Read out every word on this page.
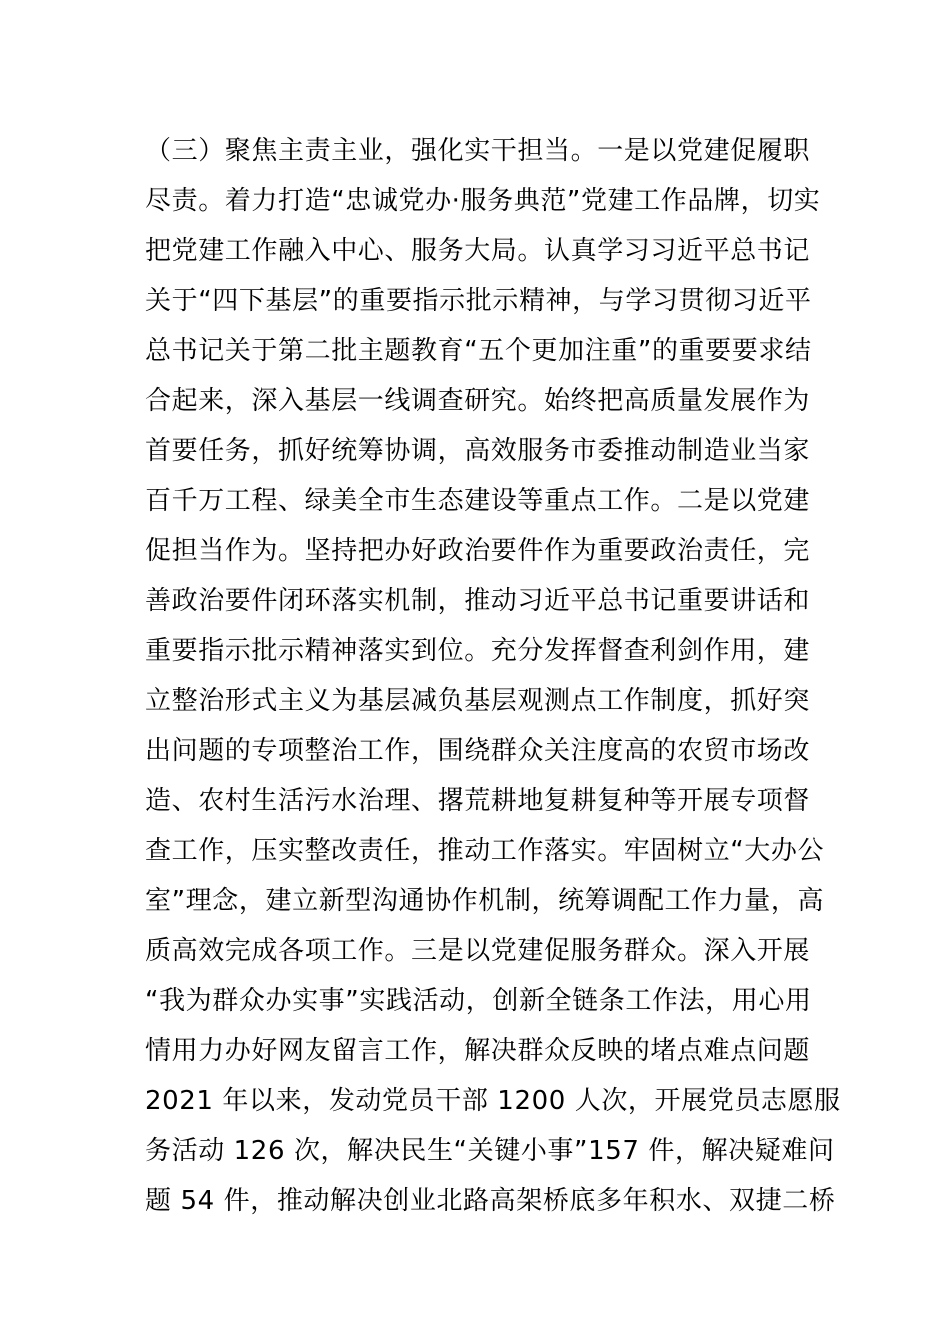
（三）聚焦主责主业，强化实干担当。一是以党建促履职
尽责。着力打造“忠诚党办·服务典范”党建工作品牌，切实
把党建工作融入中心、服务大局。认真学习习近平总书记
关于“四下基层”的重要指示批示精神，与学习贯彻习近平
总书记关于第二批主题教育“五个更加注重”的重要要求结
合起来，深入基层一线调查研究。始终把高质量发展作为
首要任务，抓好统筹协调，高效服务市委推动制造业当家
百千万工程、绿美全市生态建设等重点工作。二是以党建
促担当作为。坚持把办好政治要件作为重要政治责任，完
善政治要件闭环落实机制，推动习近平总书记重要讲话和
重要指示批示精神落实到位。充分发挥督查利剑作用，建
立整治形式主义为基层减负基层观测点工作制度，抓好突
出问题的专项整治工作，围绕群众关注度高的农贸市场改
造、农村生活污水治理、撂荒耕地复耕复种等开展专项督
查工作，压实整改责任，推动工作落实。牢固树立“大办公
室”理念，建立新型沟通协作机制，统筹调配工作力量，高
质高效完成各项工作。三是以党建促服务群众。深入开展
“我为群众办实事”实践活动，创新全链条工作法，用心用
情用力办好网友留言工作，解决群众反映的堵点难点问题
2021 年以来，发动党员干部 1200 人次，开展党员志愿服
务活动 126 次，解决民生“关键小事”157 件，解决疑难问
题 54 件，推动解决创业北路高架桥底多年积水、双捷二桥
